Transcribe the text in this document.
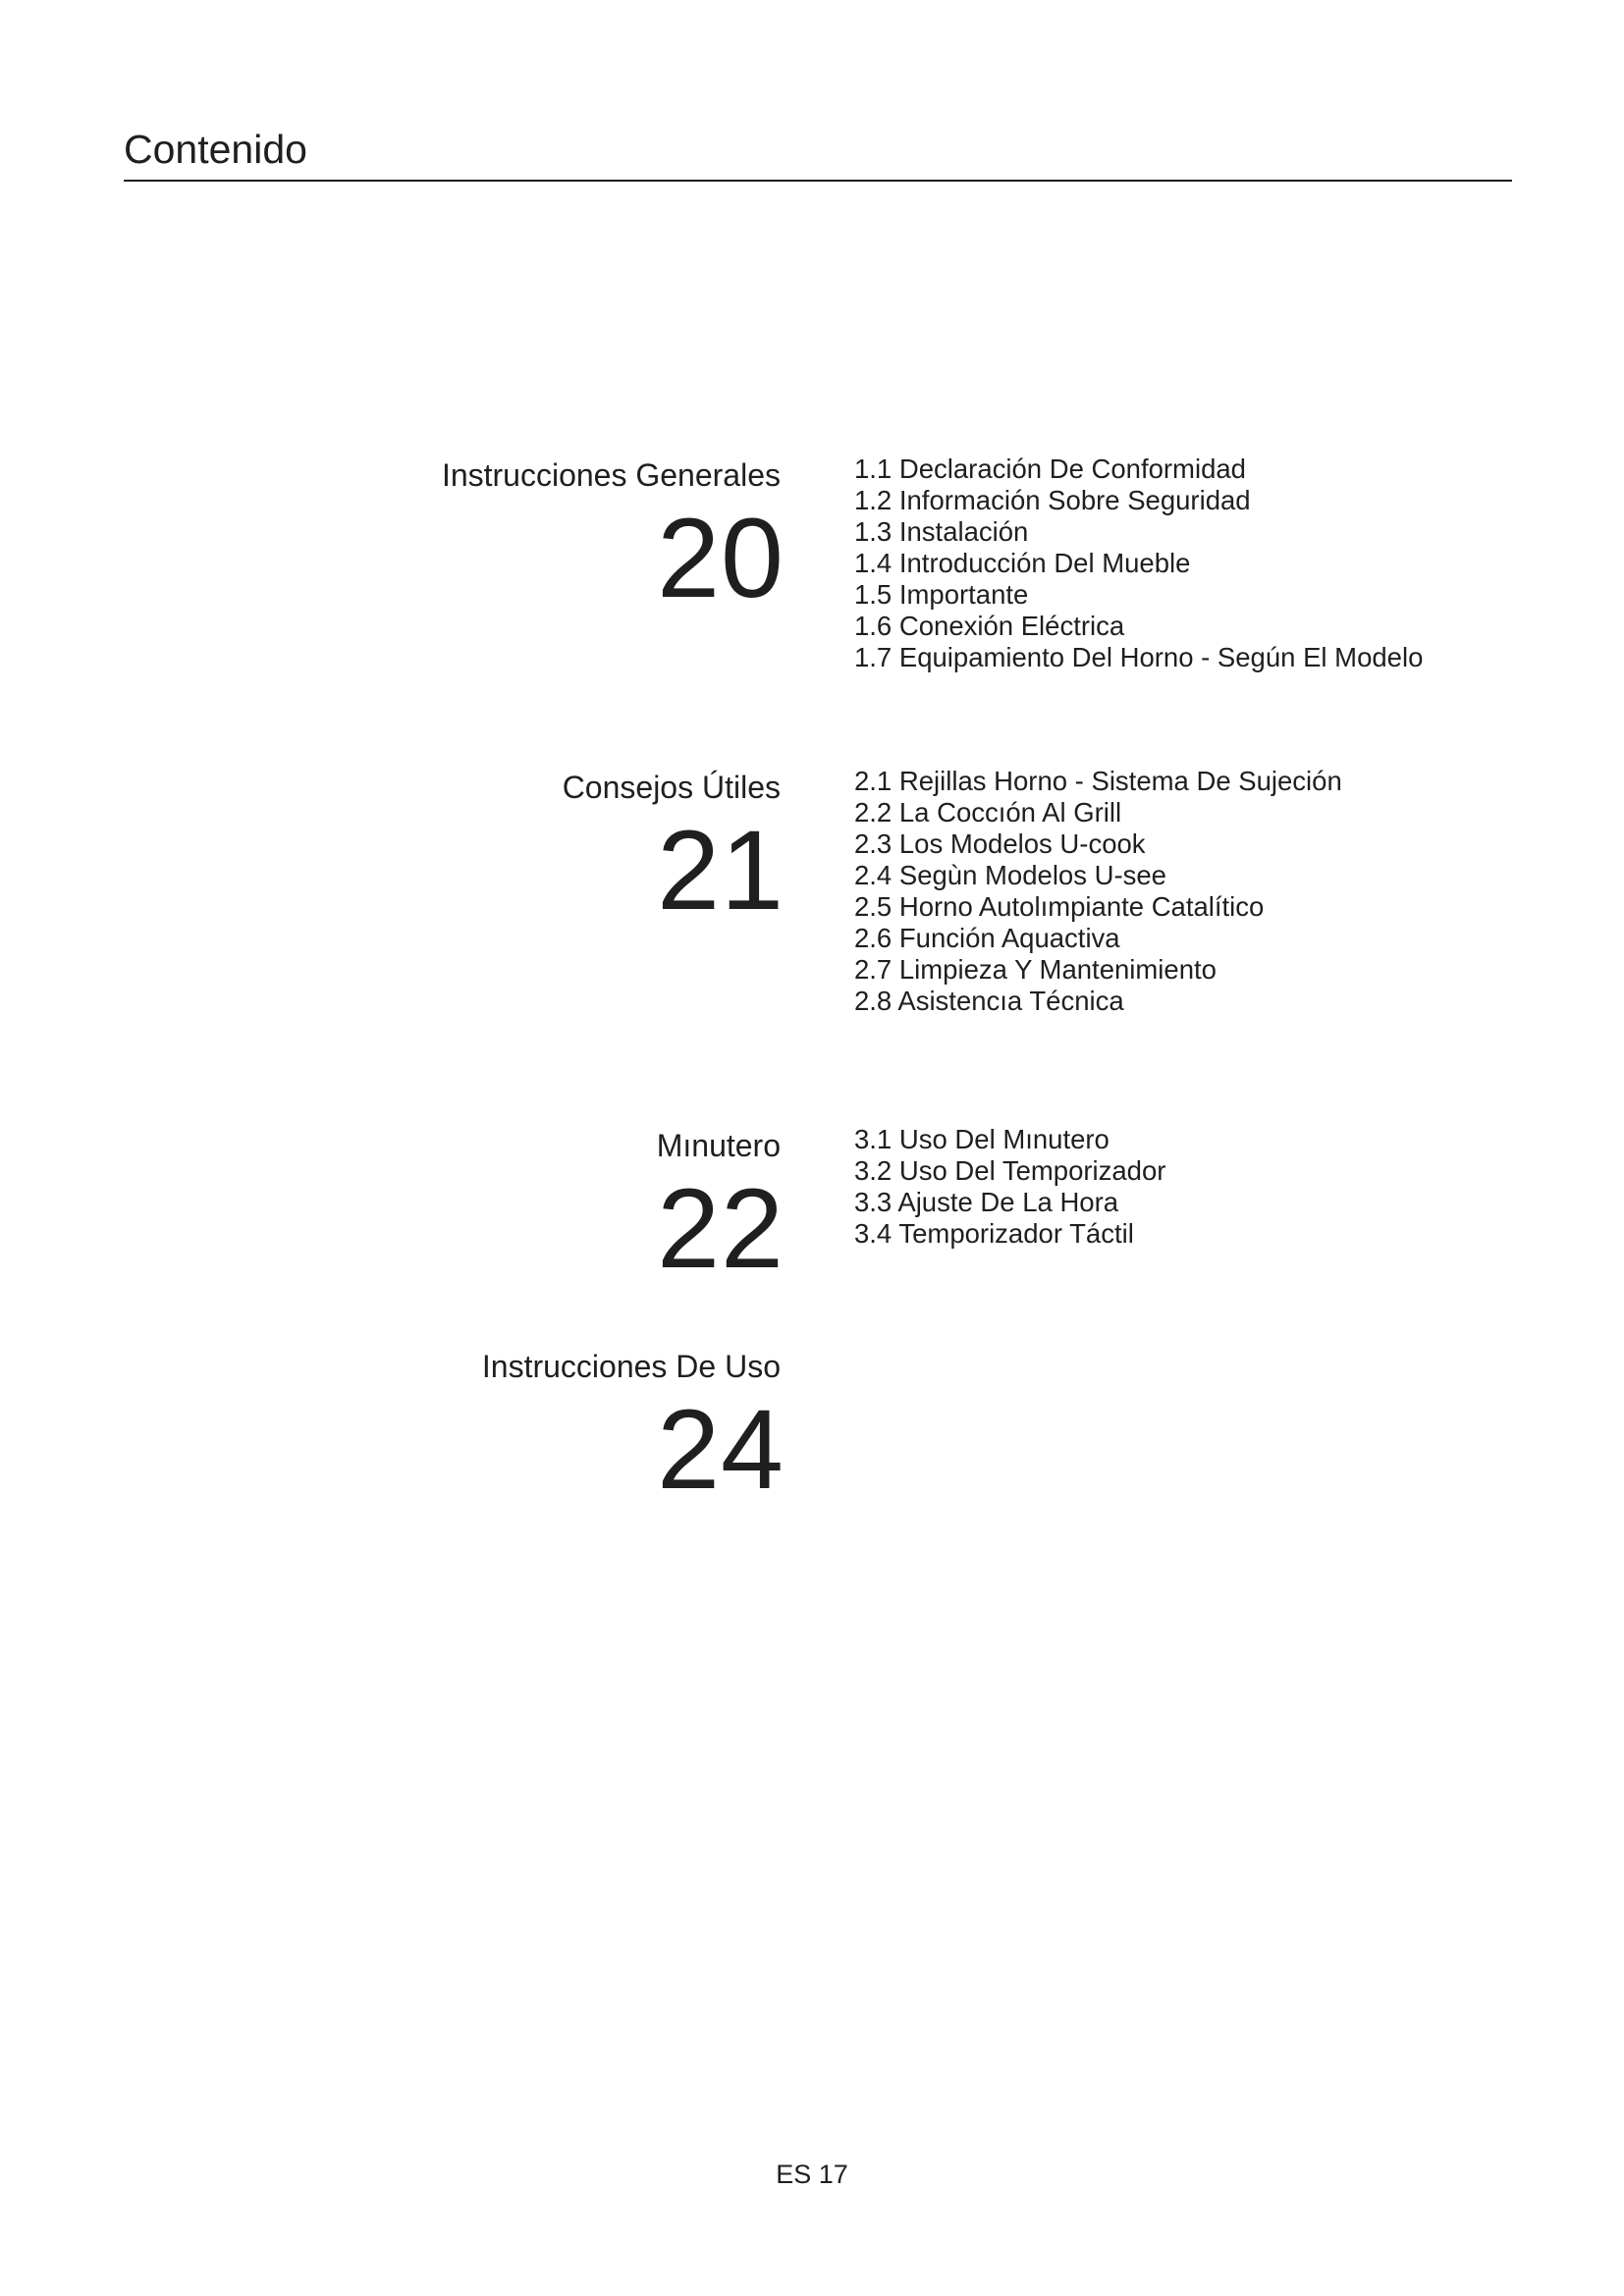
Contenido
Instrucciones Generales
20
1.1 Declaración De Conformidad
1.2 Información Sobre Seguridad
1.3 Instalación
1.4 Introducción Del Mueble
1.5 Importante
1.6 Conexión Eléctrica
1.7 Equipamiento Del Horno - Según El Modelo
Consejos Útiles
21
2.1 Rejillas Horno - Sistema De Sujeción
2.2 La Coccıón Al Grill
2.3 Los Modelos U-cook
2.4 Segùn Modelos U-see
2.5 Horno Autolımpiante Catalítico
2.6 Función Aquactiva
2.7 Limpieza Y Mantenimiento
2.8 Asistencıa Técnica
Mınutero
22
3.1 Uso Del Mınutero
3.2 Uso Del Temporizador
3.3 Ajuste De La Hora
3.4 Temporizador Táctil
Instrucciones De Uso
24
ES 17
